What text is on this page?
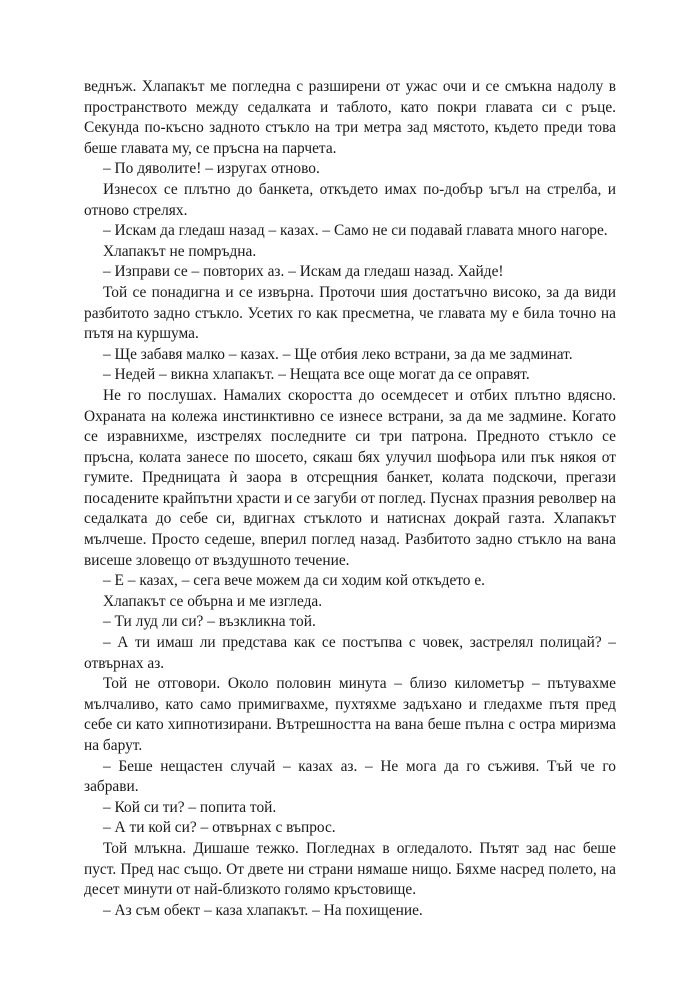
веднъж. Хлапакът ме погледна с разширени от ужас очи и се смъкна надолу в пространството между седалката и таблото, като покри главата си с ръце. Секунда по-късно задното стъкло на три метра зад мястото, където преди това беше главата му, се пръсна на парчета.

– По дяволите! – изругах отново.

Изнесох се плътно до банкета, откъдето имах по-добър ъгъл на стрелба, и отново стрелях.

– Искам да гледаш назад – казах. – Само не си подавай главата много нагоре.

Хлапакът не помръдна.

– Изправи се – повторих аз. – Искам да гледаш назад. Хайде!

Той се понадигна и се извърна. Проточи шия достатъчно високо, за да види разбитото задно стъкло. Усетих го как пресметна, че главата му е била точно на пътя на куршума.

– Ще забавя малко – казах. – Ще отбия леко встрани, за да ме задминат.

– Недей – викна хлапакът. – Нещата все още могат да се оправят.

Не го послушах. Намалих скоростта до осемдесет и отбих плътно вдясно. Охраната на колежа инстинктивно се изнесе встрани, за да ме задмине. Когато се изравнихме, изстрелях последните си три патрона. Предното стъкло се пръсна, колата занесе по шосето, сякаш бях улучил шофьора или пък някоя от гумите. Предницата ѝ заора в отсрещния банкет, колата подскочи, прегази посадените крайпътни храсти и се загуби от поглед. Пуснах празния револвер на седалката до себе си, вдигнах стъклото и натиснах докрай газта. Хлапакът мълчеше. Просто седеше, вперил поглед назад. Разбитото задно стъкло на вана висеше зловещо от въздушното течение.

– Е – казах, – сега вече можем да си ходим кой откъдето е.

Хлапакът се обърна и ме изгледа.

– Ти луд ли си? – възкликна той.

– А ти имаш ли представа как се постъпва с човек, застрелял полицай? – отвърнах аз.

Той не отговори. Около половин минута – близо километър – пътувахме мълчаливо, като само примигвахме, пухтяхме задъхано и гледахме пътя пред себе си като хипнотизирани. Вътрешността на вана беше пълна с остра миризма на барут.

– Беше нещастен случай – казах аз. – Не мога да го съживя. Тъй че го забрави.

– Кой си ти? – попита той.

– А ти кой си? – отвърнах с въпрос.

Той млъкна. Дишаше тежко. Погледнах в огледалото. Пътят зад нас беше пуст. Пред нас също. От двете ни страни нямаше нищо. Бяхме насред полето, на десет минути от най-близкото голямо кръстовище.

– Аз съм обект – каза хлапакът. – На похищение.
